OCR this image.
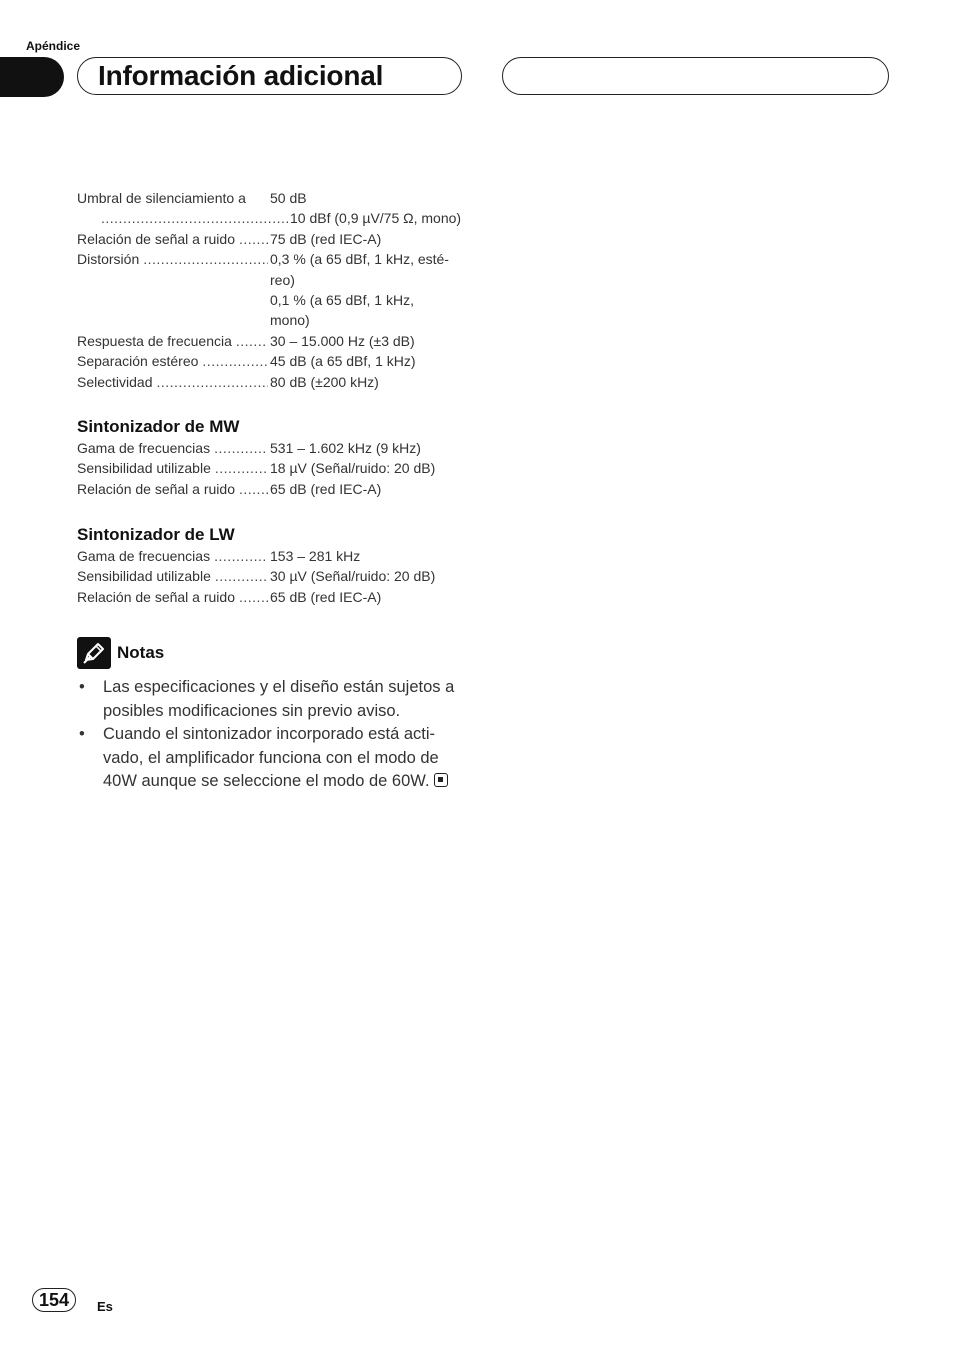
Apéndice
Información adicional
Umbral de silenciamiento a 50 dB
.....
10 dBf (0,9 µV/75 Ω, mono)
Relación de señal a ruido .....	75 dB (red IEC-A)
Distorsión .....	0,3 % (a 65 dBf, 1 kHz, esté-
reo)
0,1 % (a 65 dBf, 1 kHz,
mono)
Respuesta de frecuencia .....	30 – 15.000 Hz (±3 dB)
Separación estéreo .....	45 dB (a 65 dBf, 1 kHz)
Selectividad .....	80 dB (±200 kHz)
Sintonizador de MW
Gama de frecuencias .....	531 – 1.602 kHz (9 kHz)
Sensibilidad utilizable .....	18 µV (Señal/ruido: 20 dB)
Relación de señal a ruido .....	65 dB (red IEC-A)
Sintonizador de LW
Gama de frecuencias .....	153 – 281 kHz
Sensibilidad utilizable .....	30 µV (Señal/ruido: 20 dB)
Relación de señal a ruido .....	65 dB (red IEC-A)
Notas
• Las especificaciones y el diseño están sujetos a posibles modificaciones sin previo aviso.
• Cuando el sintonizador incorporado está acti- vado, el amplificador funciona con el modo de 40W aunque se seleccione el modo de 60W.
154	Es
